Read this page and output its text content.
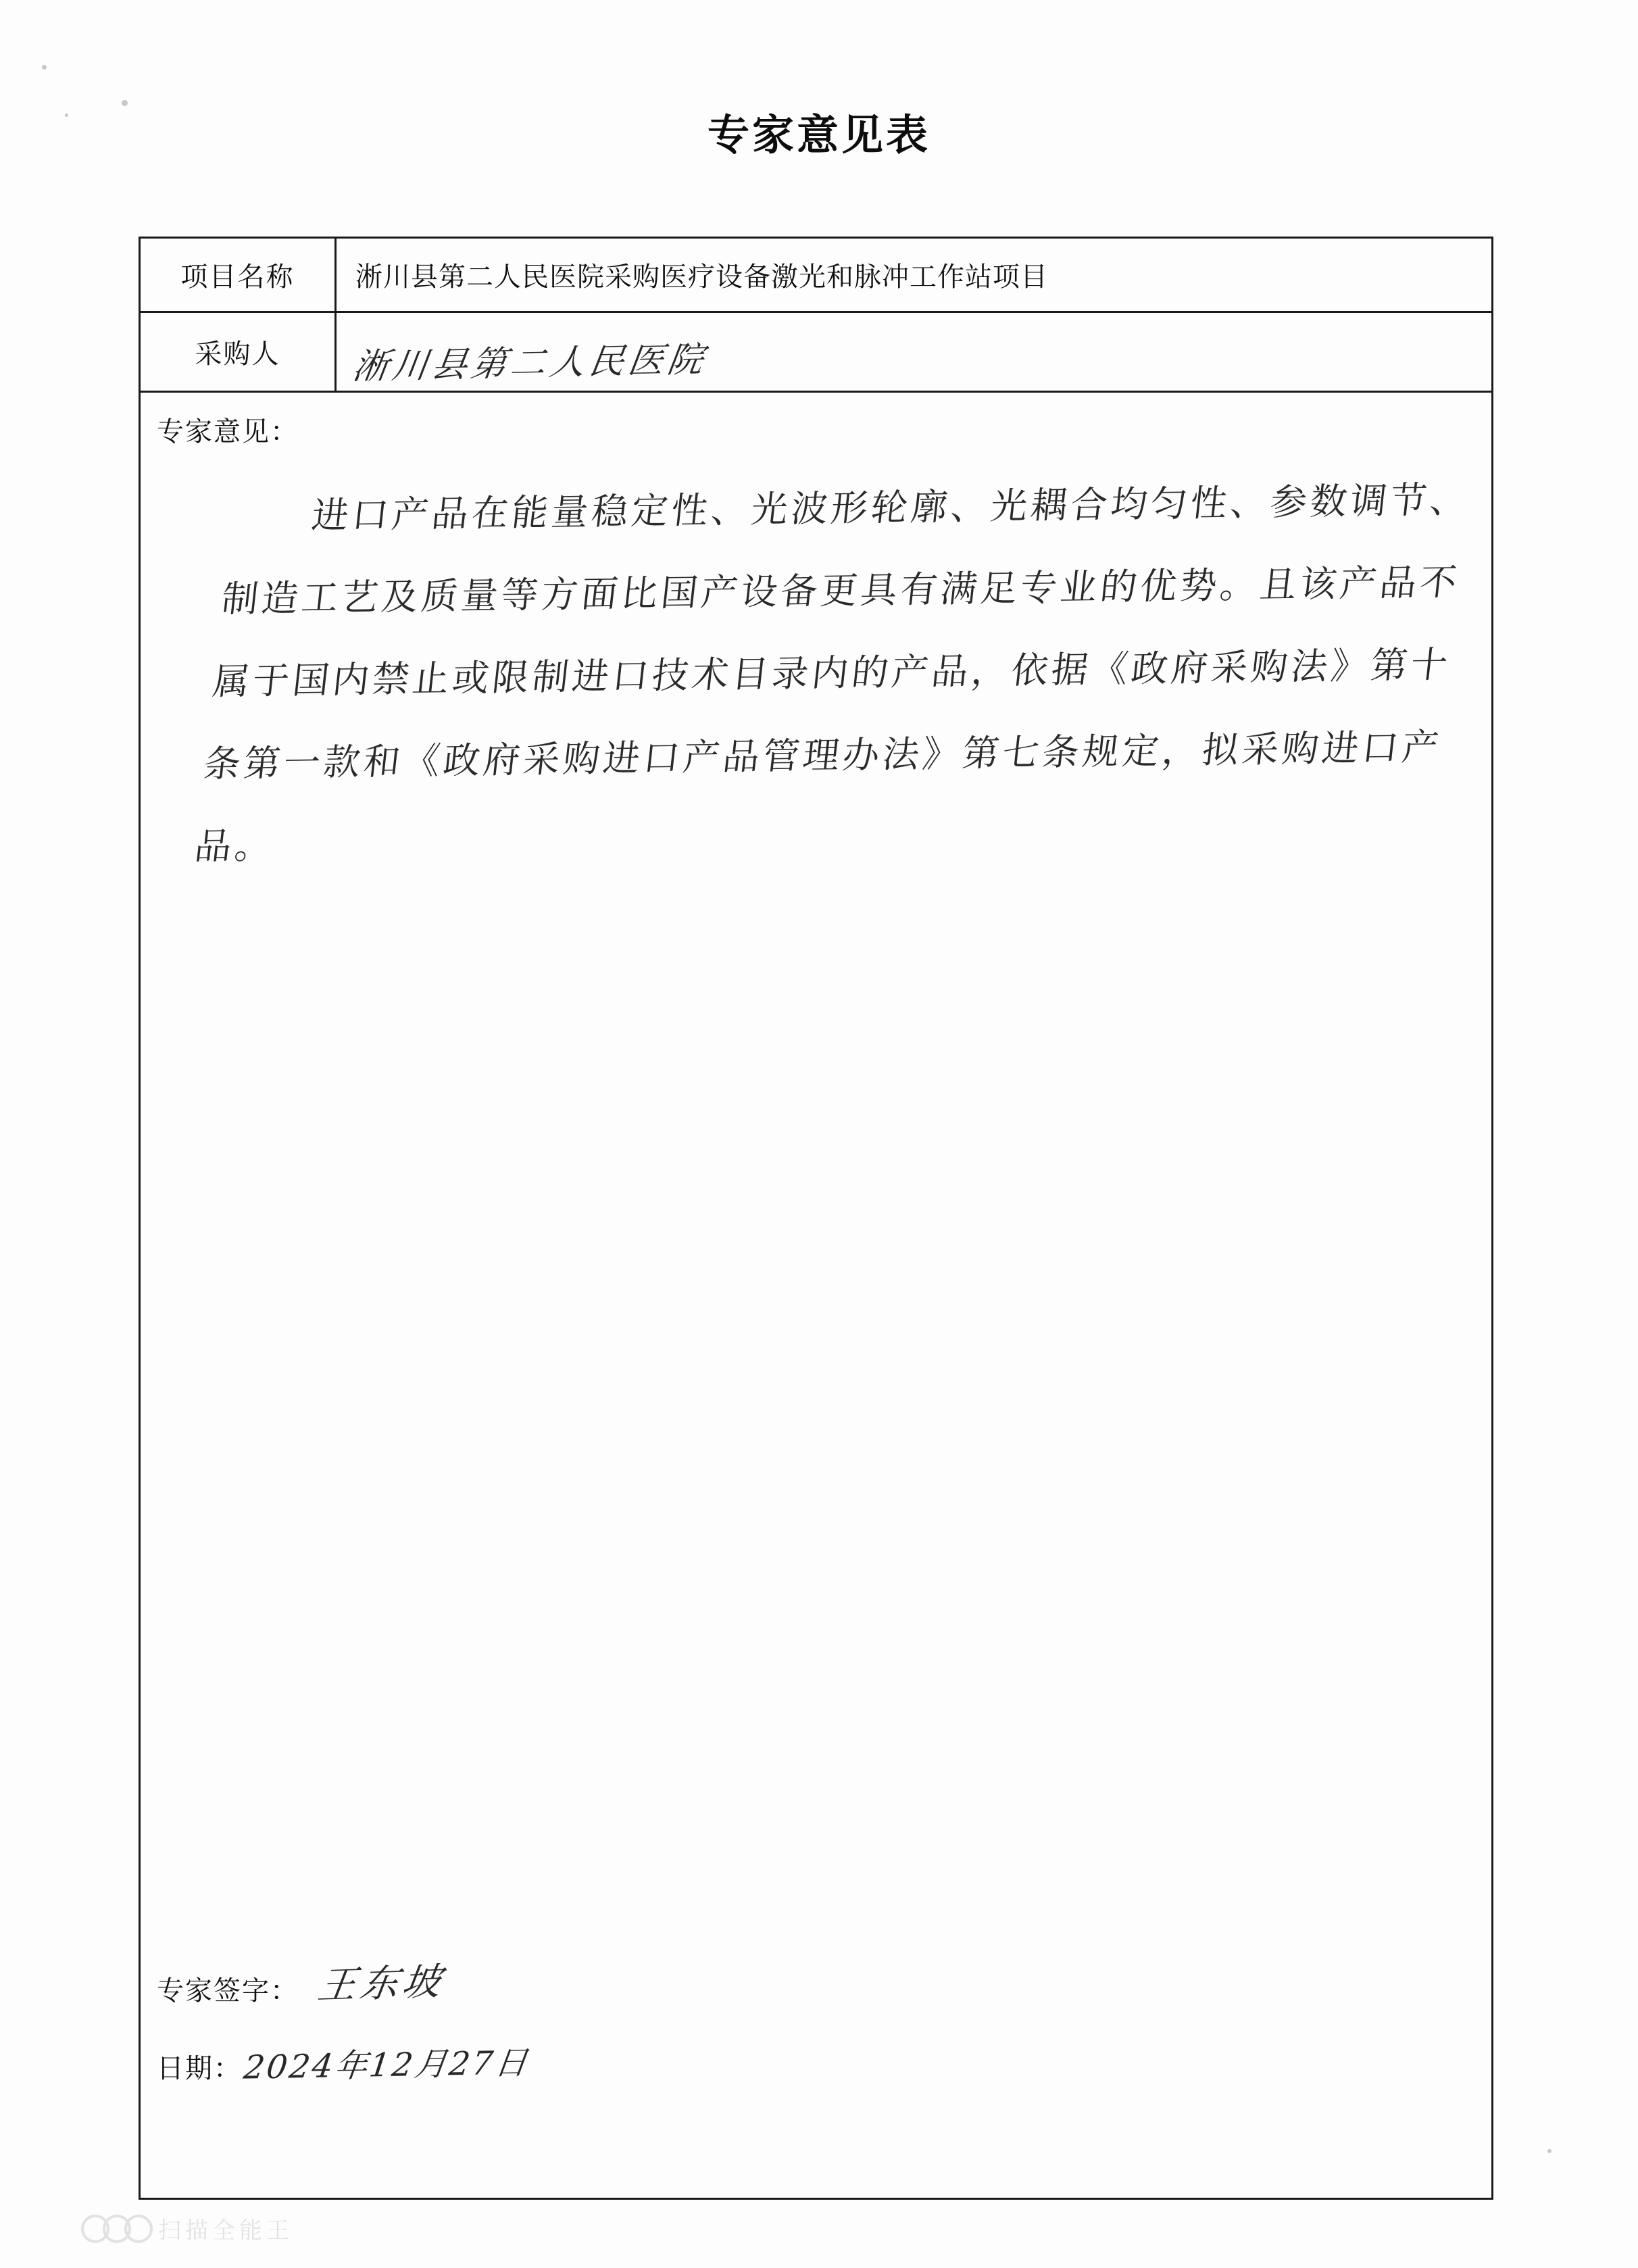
专家意见表
项目名称	淅川县第二人民医院采购医疗设备激光和脉冲工作站项目
采购人	淅川县第二人民医院
专家意见：
进口产品在能量稳定性、光波形轮廓、光耦合均匀性、参数调节、制造工艺及质量等方面比国产设备更具有满足专业的优势。且该产品不属于国内禁止或限制进口技术目录内的产品，依据《政府采购法》第十条第一款和《政府采购进口产品管理办法》第七条规定，拟采购进口产品。
专家签字： 王东坡
日期： 2024年12月27日
扫描全能王
